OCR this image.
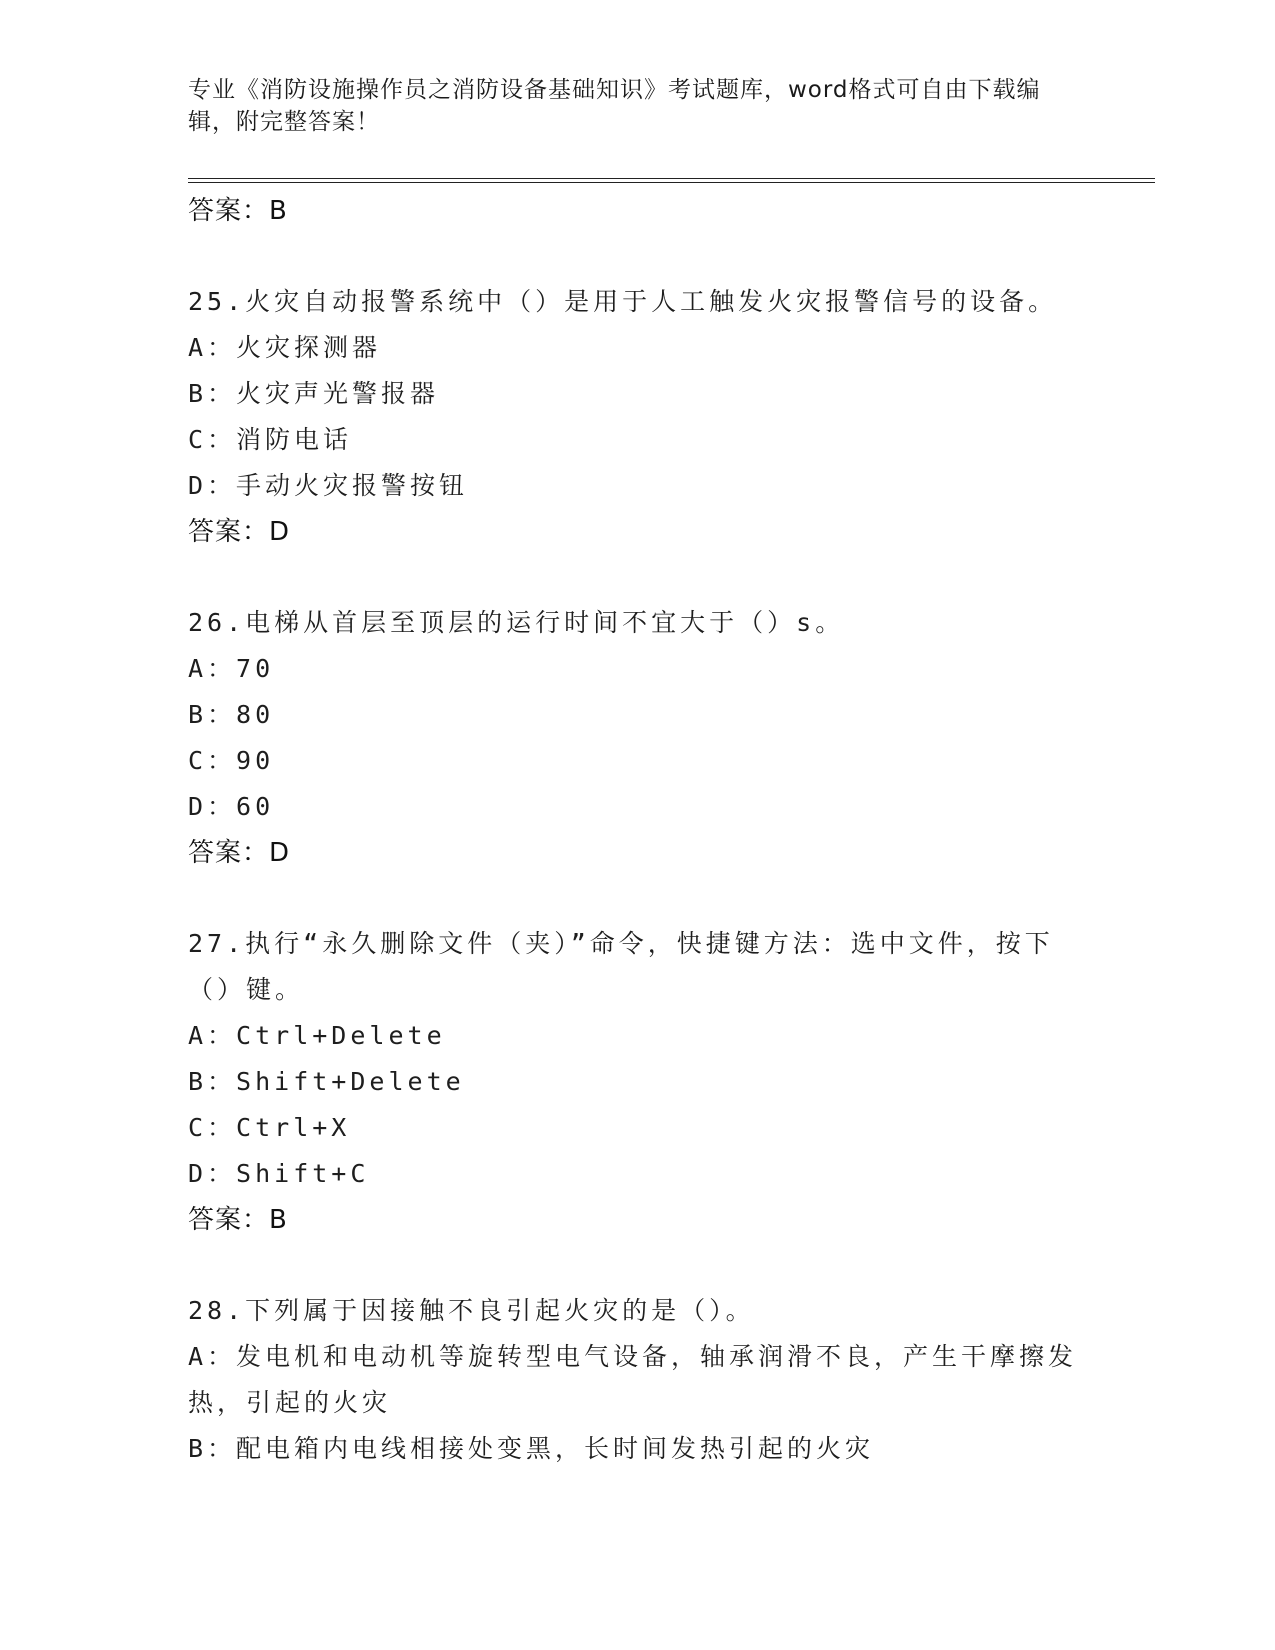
专业《消防设施操作员之消防设备基础知识》考试题库，word格式可自由下载编辑，附完整答案！
答案：B
25.火灾自动报警系统中（）是用于人工触发火灾报警信号的设备。
A：火灾探测器
B：火灾声光警报器
C：消防电话
D：手动火灾报警按钮
答案：D
26.电梯从首层至顶层的运行时间不宜大于（）s。
A：70
B：80
C：90
D：60
答案：D
27.执行“永久删除文件（夹）”命令，快捷键方法：选中文件，按下（）键。
A：Ctrl+Delete
B：Shift+Delete
C：Ctrl+X
D：Shift+C
答案：B
28.下列属于因接触不良引起火灾的是（）。
A：发电机和电动机等旋转型电气设备，轴承润滑不良，产生干摩擦发热，引起的火灾
B：配电箱内电线相接处变黑，长时间发热引起的火灾
